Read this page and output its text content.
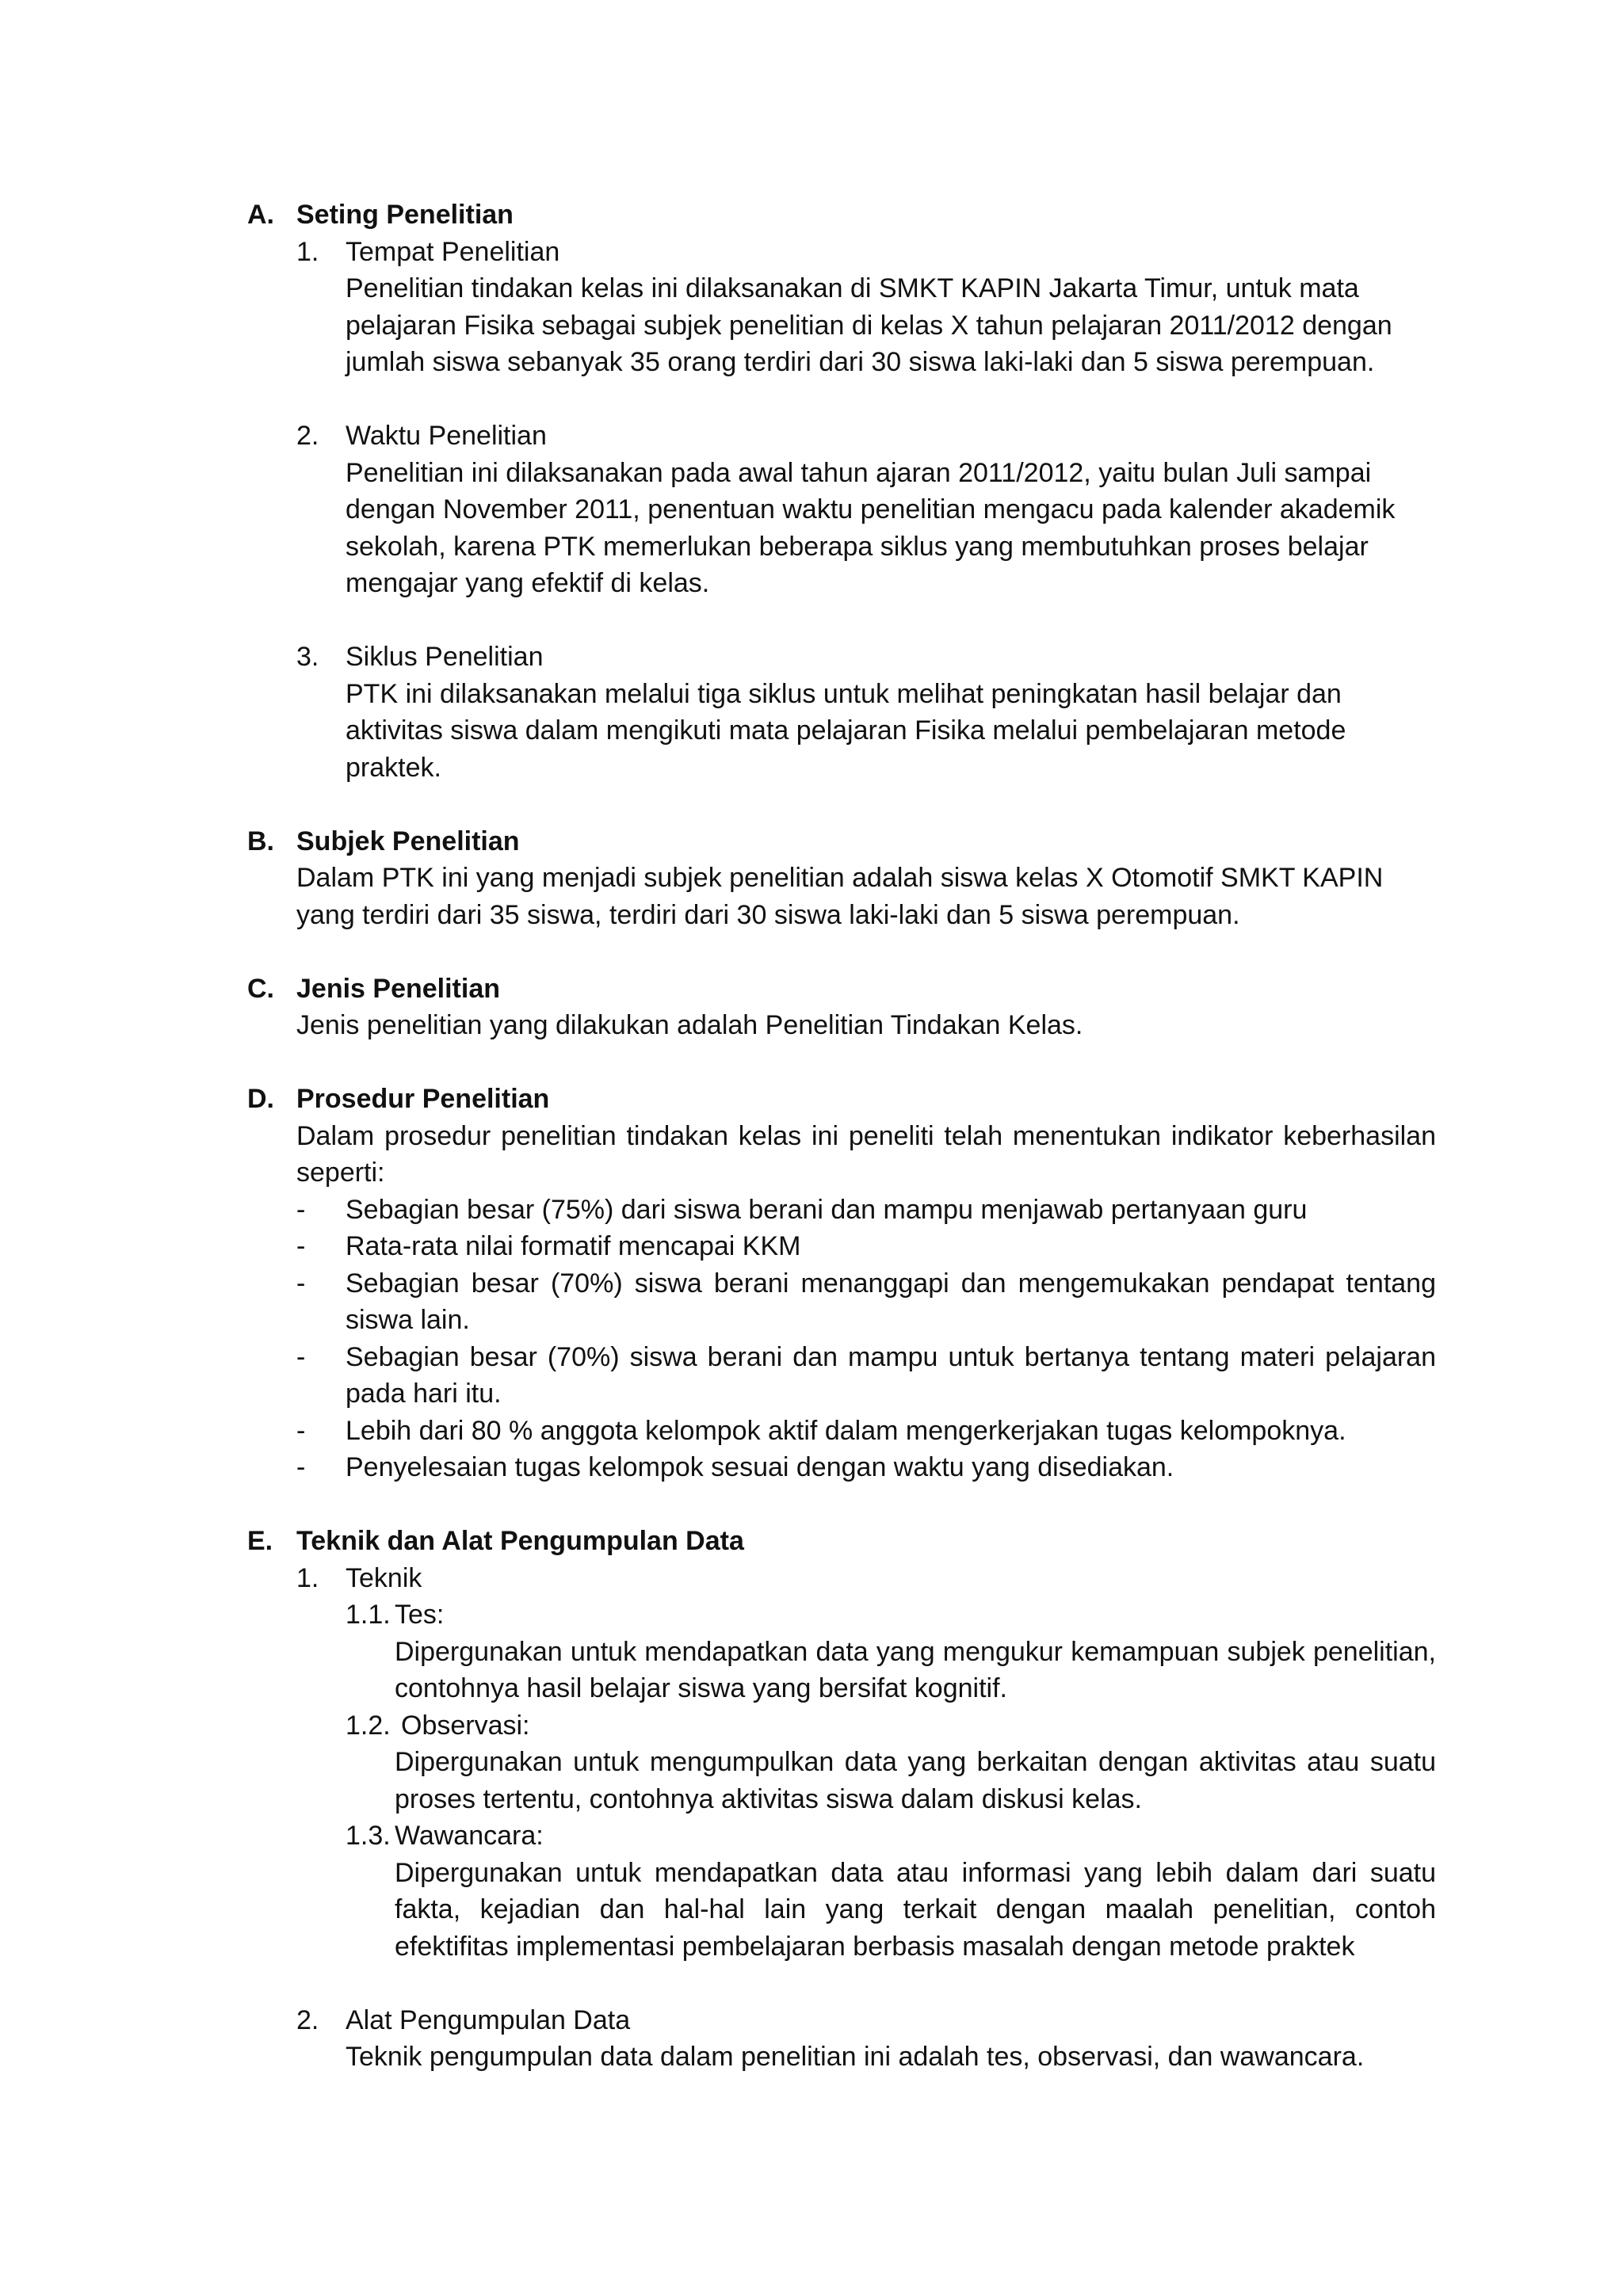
A. Seting Penelitian
1. Tempat Penelitian
Penelitian tindakan kelas ini dilaksanakan di SMKT KAPIN Jakarta Timur, untuk mata pelajaran Fisika sebagai subjek penelitian di kelas X tahun pelajaran 2011/2012 dengan jumlah siswa sebanyak 35 orang terdiri dari 30 siswa laki-laki dan 5 siswa perempuan.
2. Waktu Penelitian
Penelitian ini dilaksanakan pada awal tahun ajaran 2011/2012, yaitu bulan Juli sampai dengan November 2011, penentuan waktu penelitian mengacu pada kalender akademik sekolah, karena PTK memerlukan beberapa siklus yang membutuhkan proses belajar mengajar yang efektif di kelas.
3. Siklus Penelitian
PTK ini dilaksanakan melalui tiga siklus untuk melihat peningkatan hasil belajar dan aktivitas siswa dalam mengikuti mata pelajaran Fisika melalui pembelajaran metode praktek.
B. Subjek Penelitian
Dalam PTK ini yang menjadi subjek penelitian adalah siswa kelas X Otomotif SMKT KAPIN yang terdiri dari 35 siswa, terdiri dari 30 siswa laki-laki dan 5 siswa perempuan.
C. Jenis Penelitian
Jenis penelitian yang dilakukan adalah Penelitian Tindakan Kelas.
D. Prosedur Penelitian
Dalam prosedur penelitian tindakan kelas ini peneliti telah menentukan indikator keberhasilan seperti:
- Sebagian besar (75%) dari siswa berani dan mampu menjawab pertanyaan guru
- Rata-rata nilai formatif mencapai KKM
- Sebagian besar (70%) siswa berani menanggapi dan mengemukakan pendapat tentang siswa lain.
- Sebagian besar (70%) siswa berani dan mampu untuk bertanya tentang materi pelajaran pada hari itu.
- Lebih dari 80 % anggota kelompok aktif dalam mengerkerjakan tugas kelompoknya.
- Penyelesaian tugas kelompok sesuai dengan waktu yang disediakan.
E. Teknik dan Alat Pengumpulan Data
1. Teknik
1.1. Tes:
Dipergunakan untuk mendapatkan data yang mengukur kemampuan subjek penelitian, contohnya hasil belajar siswa yang bersifat kognitif.
1.2. Observasi:
Dipergunakan untuk mengumpulkan data yang berkaitan dengan aktivitas atau suatu proses tertentu, contohnya aktivitas siswa dalam diskusi kelas.
1.3. Wawancara:
Dipergunakan untuk mendapatkan data atau informasi yang lebih dalam dari suatu fakta, kejadian dan hal-hal lain yang terkait dengan maalah penelitian, contoh efektifitas implementasi pembelajaran berbasis masalah dengan metode praktek
2. Alat Pengumpulan Data
Teknik pengumpulan data dalam penelitian ini adalah tes, observasi, dan wawancara.
